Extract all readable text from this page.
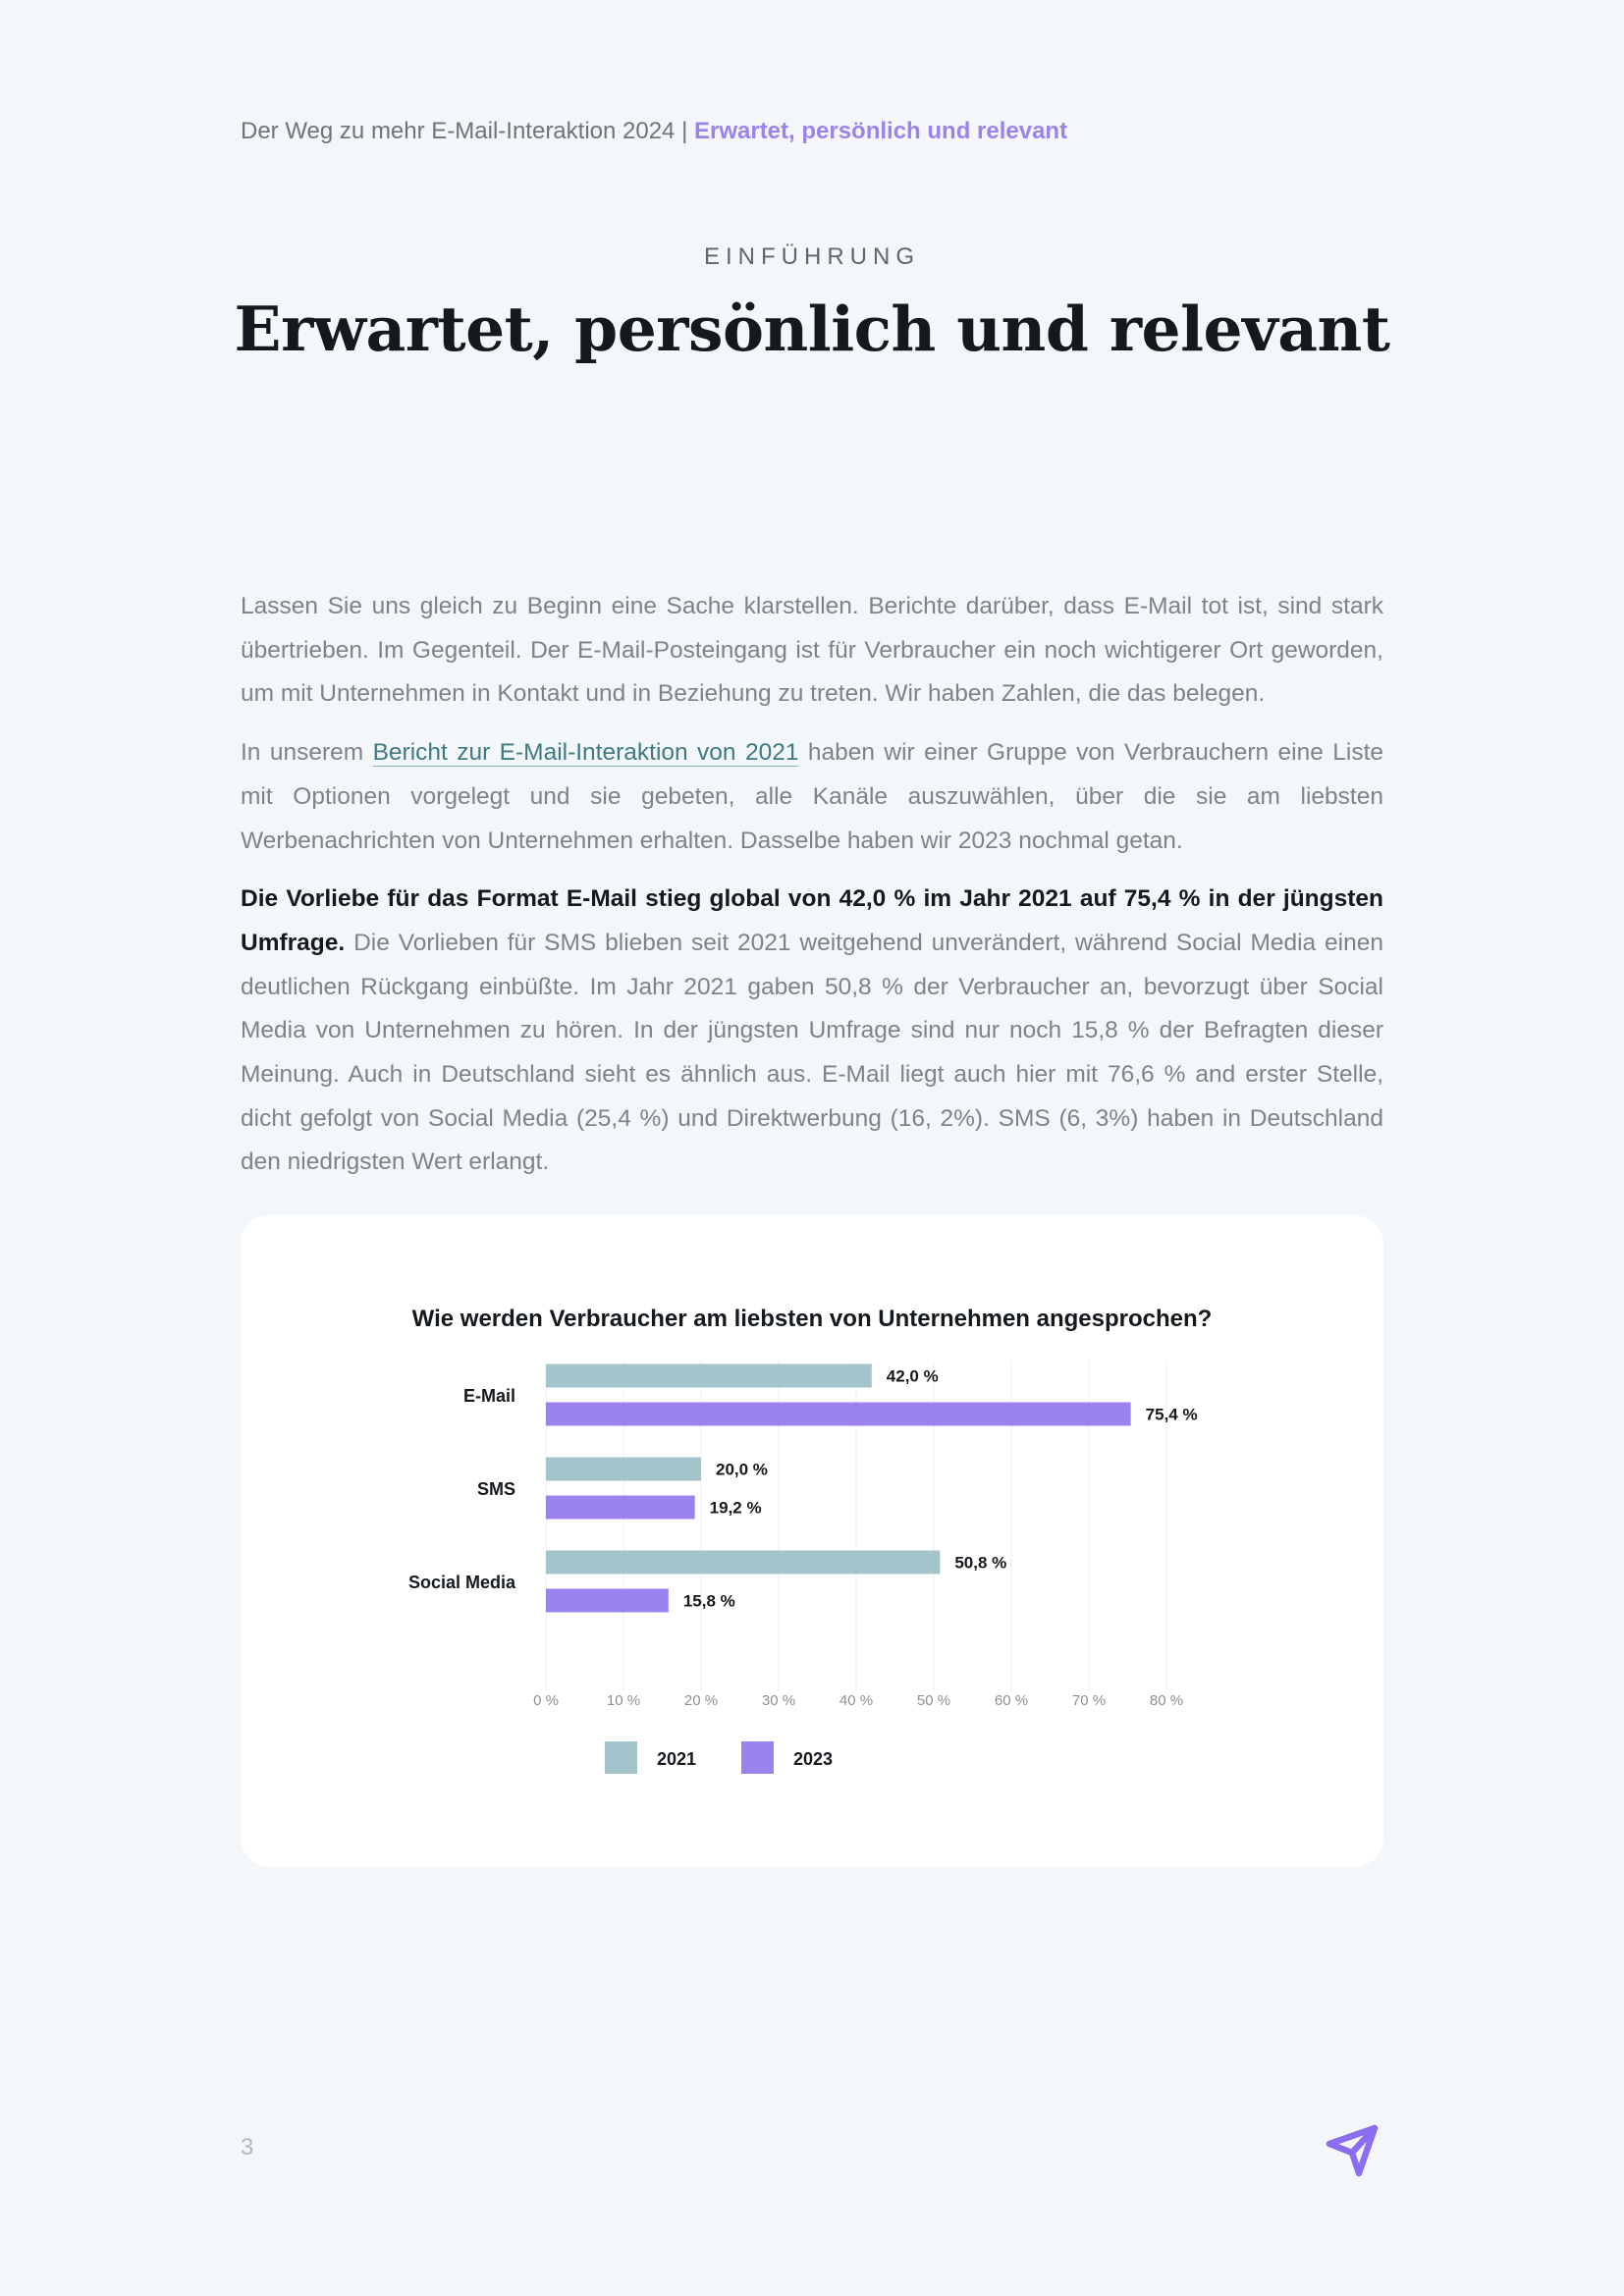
Der Weg zu mehr E-Mail-Interaktion 2024 | Erwartet, persönlich und relevant
EINFÜHRUNG
Erwartet, persönlich und relevant

Lassen Sie uns gleich zu Beginn eine Sache klarstellen. Berichte darüber, dass E-Mail tot ist, sind stark übertrieben. Im Gegenteil. Der E-Mail-Posteingang ist für Verbraucher ein noch wichtigerer Ort geworden, um mit Unternehmen in Kontakt und in Beziehung zu treten. Wir haben Zahlen, die das belegen.

In unserem Bericht zur E-Mail-Interaktion von 2021 haben wir einer Gruppe von Verbrauchern eine Liste mit Optionen vorgelegt und sie gebeten, alle Kanäle auszuwählen, über die sie am liebsten Werbenachrichten von Unternehmen erhalten. Dasselbe haben wir 2023 nochmal getan.

Die Vorliebe für das Format E-Mail stieg global von 42,0 % im Jahr 2021 auf 75,4 % in der jüngsten Umfrage. Die Vorlieben für SMS blieben seit 2021 weitgehend unverändert, während Social Media einen deutlichen Rückgang einbüßte. Im Jahr 2021 gaben 50,8 % der Verbraucher an, bevorzugt über Social Media von Unternehmen zu hören. In der jüngsten Umfrage sind nur noch 15,8 % der Befragten dieser Meinung. Auch in Deutschland sieht es ähnlich aus. E-Mail liegt auch hier mit 76,6 % and erster Stelle, dicht gefolgt von Social Media (25,4 %) und Direktwerbung (16, 2%). SMS (6, 3%) haben in Deutschland den niedrigsten Wert erlangt.

Wie werden Verbraucher am liebsten von Unternehmen angesprochen?
0 %	10 %	20 %	30 %	40 %	50 %	60 %	70 %	80 %
E-Mail
42,0 %
75,4 %
SMS
20,0 %
19,2 %
Social Media
50,8 %
15,8 %
2021	2023
3
